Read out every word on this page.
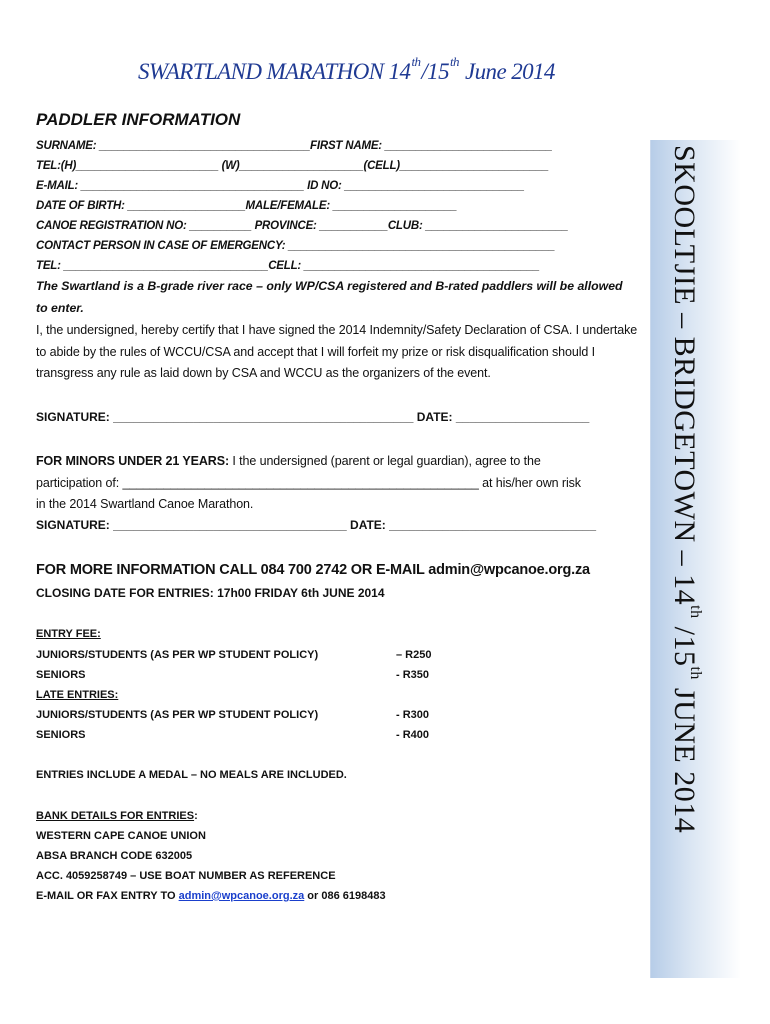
SWARTLAND MARATHON 14th/15th June 2014
PADDLER INFORMATION
SURNAME: __________________________________FIRST NAME: ___________________________
TEL:(H)_______________________ (W)____________________(CELL)________________________
E-MAIL: ____________________________________ ID NO: _____________________________
DATE OF BIRTH: ___________________MALE/FEMALE: ____________________
CANOE REGISTRATION NO: __________ PROVINCE: ___________CLUB: _______________________
CONTACT PERSON IN CASE OF EMERGENCY: ___________________________________________
TEL: _________________________________CELL: ______________________________________
The Swartland is a B-grade river race – only WP/CSA registered and B-rated paddlers will be allowed to enter.
I, the undersigned, hereby certify that I have signed the 2014 Indemnity/Safety Declaration of CSA. I undertake to abide by the rules of WCCU/CSA and accept that I will forfeit my prize or risk disqualification should I transgress any rule as laid down by CSA and WCCU as the organizers of the event.
SIGNATURE: _____________________________________________ DATE: ____________________
FOR MINORS UNDER 21 YEARS: I the undersigned (parent or legal guardian), agree to the
participation of: ____________________________________________________ at his/her own risk
in the 2014 Swartland Canoe Marathon.
SIGNATURE: ___________________________________ DATE: _______________________________
FOR MORE INFORMATION CALL 084 700 2742 OR E-MAIL admin@wpcanoe.org.za
CLOSING DATE FOR ENTRIES: 17h00 FRIDAY 6th JUNE 2014
ENTRY FEE:
JUNIORS/STUDENTS (AS PER WP STUDENT POLICY)	– R250
SENIORS	- R350
LATE ENTRIES:
JUNIORS/STUDENTS (AS PER WP STUDENT POLICY)	- R300
SENIORS	- R400
ENTRIES INCLUDE A MEDAL – NO MEALS ARE INCLUDED.
BANK DETAILS FOR ENTRIES:
WESTERN CAPE CANOE UNION
ABSA BRANCH CODE 632005
ACC. 4059258749 – USE BOAT NUMBER AS REFERENCE
E-MAIL OR FAX ENTRY TO admin@wpcanoe.org.za or 086 6198483
SKOOLTJIE – BRIDGETOWN – 14th /15th JUNE 2014
